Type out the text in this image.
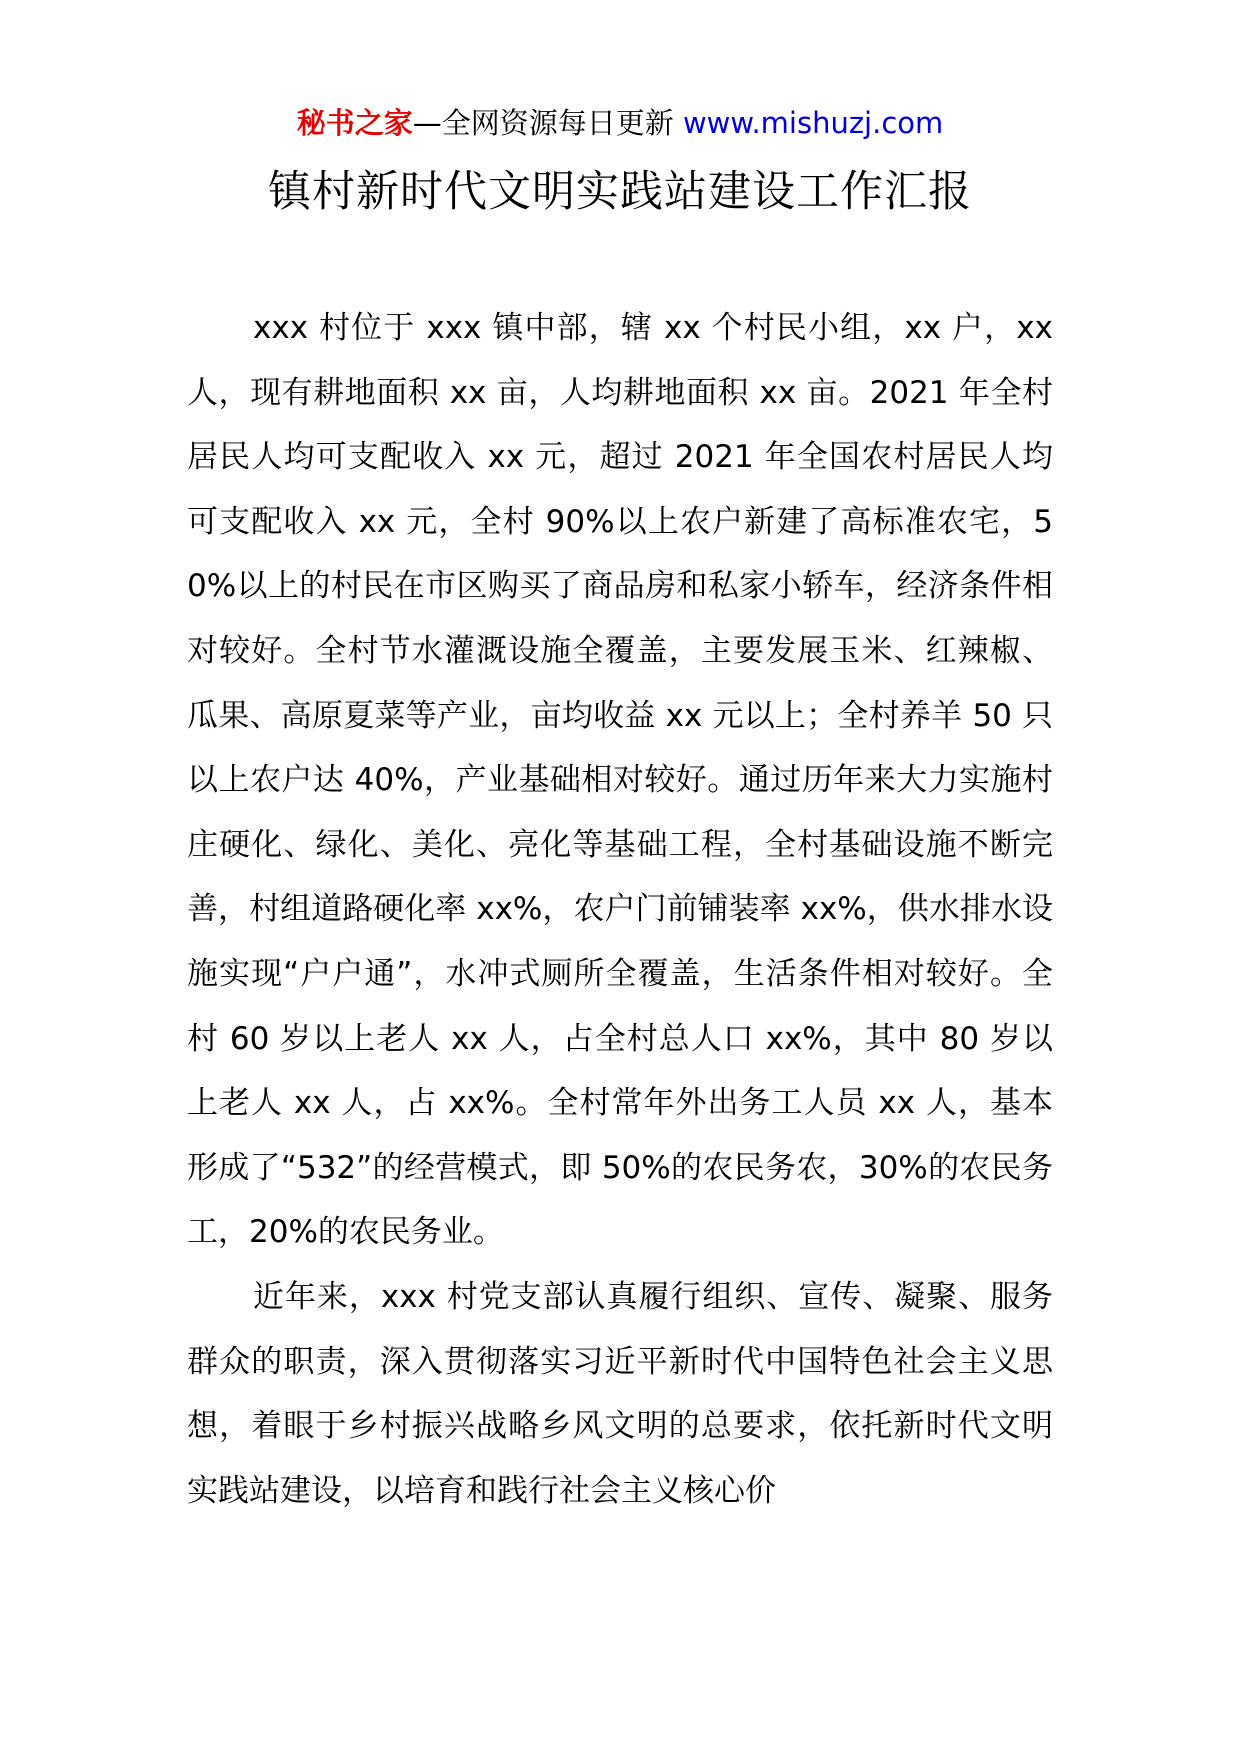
秘书之家—全网资源每日更新 www.mishuzj.com
镇村新时代文明实践站建设工作汇报

xxx 村位于 xxx 镇中部，辖 xx 个村民小组，xx 户，xx 人，现有耕地面积 xx 亩，人均耕地面积 xx 亩。2021 年全村居民人均可支配收入 xx 元，超过 2021 年全国农村居民人均可支配收入 xx 元，全村 90%以上农户新建了高标准农宅，50%以上的村民在市区购买了商品房和私家小轿车，经济条件相对较好。全村节水灌溉设施全覆盖，主要发展玉米、红辣椒、瓜果、高原夏菜等产业，亩均收益 xx 元以上；全村养羊 50 只以上农户达 40%，产业基础相对较好。通过历年来大力实施村庄硬化、绿化、美化、亮化等基础工程，全村基础设施不断完善，村组道路硬化率 xx%，农户门前铺装率 xx%，供水排水设施实现“户户通”，水冲式厕所全覆盖，生活条件相对较好。全村 60 岁以上老人 xx 人，占全村总人口 xx%，其中 80 岁以上老人 xx 人，占 xx%。全村常年外出务工人员 xx 人，基本形成了“532”的经营模式，即 50%的农民务农，30%的农民务工，20%的农民务业。

近年来，xxx 村党支部认真履行组织、宣传、凝聚、服务群众的职责，深入贯彻落实习近平新时代中国特色社会主义思想，着眼于乡村振兴战略乡风文明的总要求，依托新时代文明实践站建设，以培育和践行社会主义核心价
